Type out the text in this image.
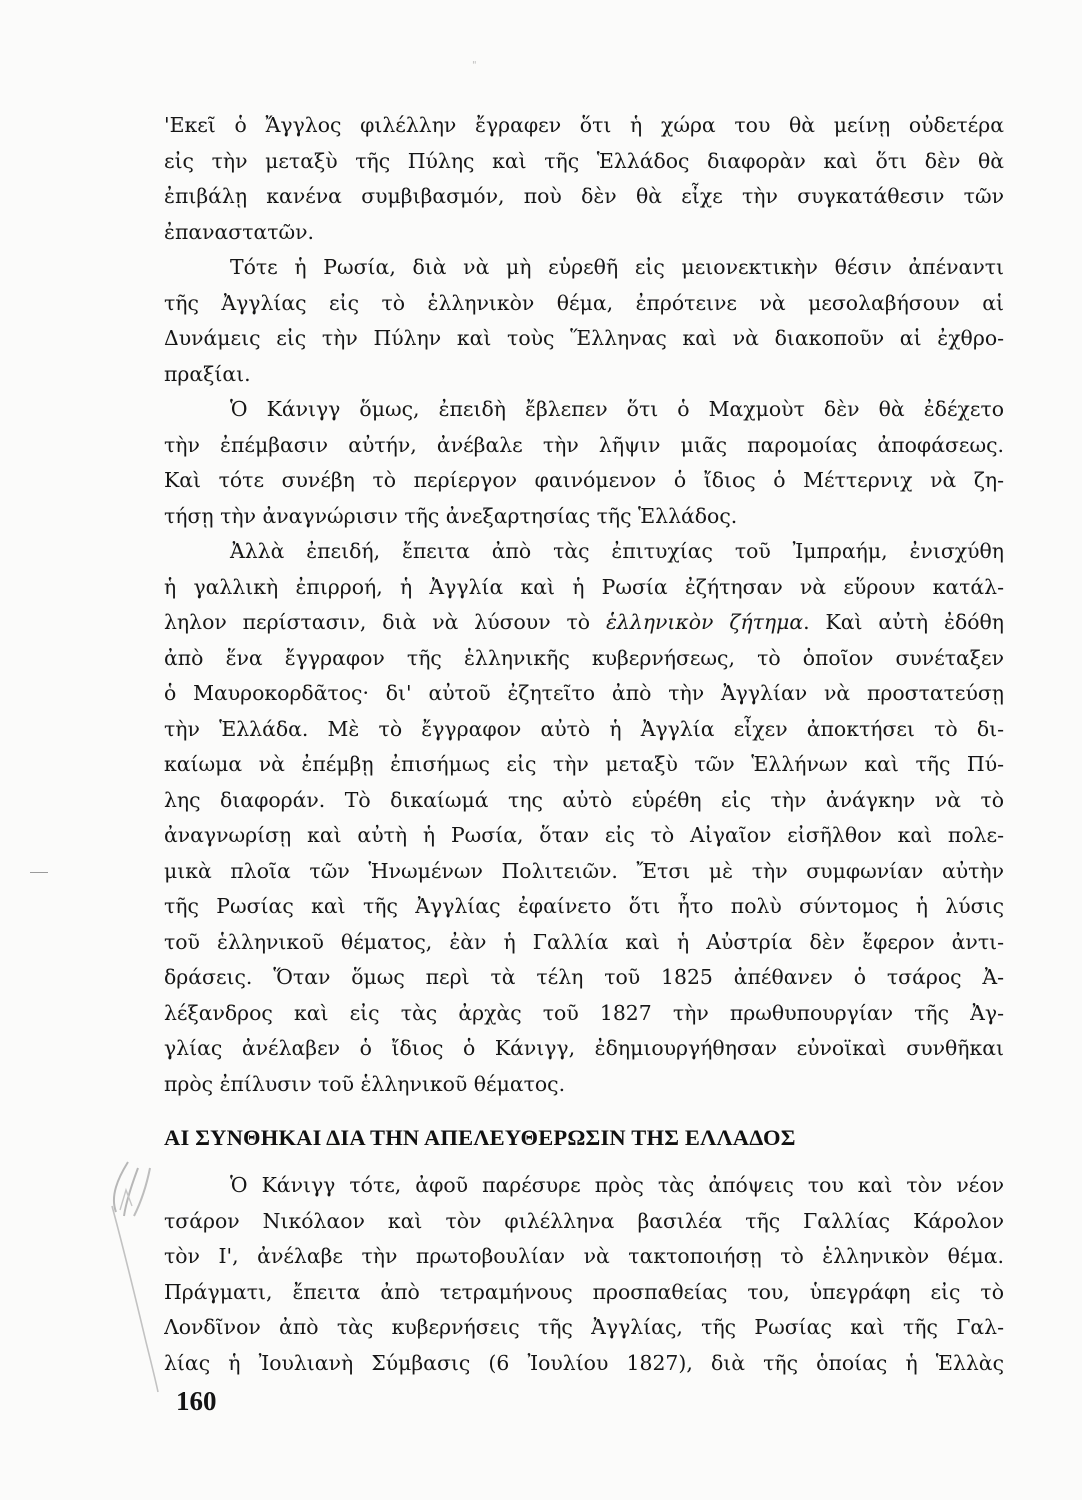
"
'Εκεῖ ὁ Ἄγγλος φιλέλλην ἔγραφεν ὅτι ἡ χώρα του θὰ μείνῃ οὐδετέρα
εἰς τὴν μεταξὺ τῆς Πύλης καὶ τῆς Ἑλλάδος διαφορὰν καὶ ὅτι δὲν θὰ
ἐπιβάλῃ κανένα συμβιβασμόν, ποὺ δὲν θὰ εἶχε τὴν συγκατάθεσιν τῶν
ἐπαναστατῶν.
Τότε ἡ Ρωσία, διὰ νὰ μὴ εὑρεθῆ εἰς μειονεκτικὴν θέσιν ἀπέναντι
τῆς Ἀγγλίας εἰς τὸ ἑλληνικὸν θέμα, ἐπρότεινε νὰ μεσολαβήσουν αἱ
Δυνάμεις εἰς τὴν Πύλην καὶ τοὺς Ἕλληνας καὶ νὰ διακοποῦν αἱ ἐχθρο-
πραξίαι.
Ὁ Κάνιγγ ὅμως, ἐπειδὴ ἔβλεπεν ὅτι ὁ Μαχμοὺτ δὲν θὰ ἐδέχετο
τὴν ἐπέμβασιν αὐτήν, ἀνέβαλε τὴν λῆψιν μιᾶς παρομοίας ἀποφάσεως.
Καὶ τότε συνέβη τὸ περίεργον φαινόμενον ὁ ἴδιος ὁ Μέττερνιχ νὰ ζη-
τήσῃ τὴν ἀναγνώρισιν τῆς ἀνεξαρτησίας τῆς Ἑλλάδος.
Ἀλλὰ ἐπειδή, ἔπειτα ἀπὸ τὰς ἐπιτυχίας τοῦ Ἰμπραήμ, ἐνισχύθη
ἡ γαλλικὴ ἐπιρροή, ἡ Ἀγγλία καὶ ἡ Ρωσία ἐζήτησαν νὰ εὕρουν κατάλ-
ληλον περίστασιν, διὰ νὰ λύσουν τὸ ἑλληνικὸν ζήτημα. Καὶ αὐτὴ ἐδόθη
ἀπὸ ἕνα ἔγγραφον τῆς ἑλληνικῆς κυβερνήσεως, τὸ ὁποῖον συνέταξεν
ὁ Μαυροκορδᾶτος· δι' αὐτοῦ ἐζητεῖτο ἀπὸ τὴν Ἀγγλίαν νὰ προστατεύσῃ
τὴν Ἑλλάδα. Μὲ τὸ ἔγγραφον αὐτὸ ἡ Ἀγγλία εἶχεν ἀποκτήσει τὸ δι-
καίωμα νὰ ἐπέμβῃ ἐπισήμως εἰς τὴν μεταξὺ τῶν Ἑλλήνων καὶ τῆς Πύ-
λης διαφοράν. Τὸ δικαίωμά της αὐτὸ εὑρέθη εἰς τὴν ἀνάγκην νὰ τὸ
ἀναγνωρίσῃ καὶ αὐτὴ ἡ Ρωσία, ὅταν εἰς τὸ Αἰγαῖον εἰσῆλθον καὶ πολε-
μικὰ πλοῖα τῶν Ἡνωμένων Πολιτειῶν. Ἔτσι μὲ τὴν συμφωνίαν αὐτὴν
τῆς Ρωσίας καὶ τῆς Ἀγγλίας ἐφαίνετο ὅτι ἦτο πολὺ σύντομος ἡ λύσις
τοῦ ἑλληνικοῦ θέματος, ἐὰν ἡ Γαλλία καὶ ἡ Αὐστρία δὲν ἔφερον ἀντι-
δράσεις. Ὅταν ὅμως περὶ τὰ τέλη τοῦ 1825 ἀπέθανεν ὁ τσάρος Ἀ-
λέξανδρος καὶ εἰς τὰς ἀρχὰς τοῦ 1827 τὴν πρωθυπουργίαν τῆς Ἀγ-
γλίας ἀνέλαβεν ὁ ἴδιος ὁ Κάνιγγ, ἐδημιουργήθησαν εὐνοϊκαὶ συνθῆκαι
πρὸς ἐπίλυσιν τοῦ ἑλληνικοῦ θέματος.
ΑΙ ΣΥΝΘΗΚΑΙ ΔΙΑ ΤΗΝ ΑΠΕΛΕΥΘΕΡΩΣΙΝ ΤΗΣ ΕΛΛΑΔΟΣ
Ὁ Κάνιγγ τότε, ἀφοῦ παρέσυρε πρὸς τὰς ἀπόψεις του καὶ τὸν νέον
τσάρον Νικόλαον καὶ τὸν φιλέλληνα βασιλέα τῆς Γαλλίας Κάρολον
τὸν Ι', ἀνέλαβε τὴν πρωτοβουλίαν νὰ τακτοποιήσῃ τὸ ἑλληνικὸν θέμα.
Πράγματι, ἔπειτα ἀπὸ τετραμήνους προσπαθείας του, ὑπεγράφη εἰς τὸ
Λονδῖνον ἀπὸ τὰς κυβερνήσεις τῆς Ἀγγλίας, τῆς Ρωσίας καὶ τῆς Γαλ-
λίας ἡ Ἰουλιανὴ Σύμβασις (6 Ἰουλίου 1827), διὰ τῆς ὁποίας ἡ Ἑλλὰς
160
